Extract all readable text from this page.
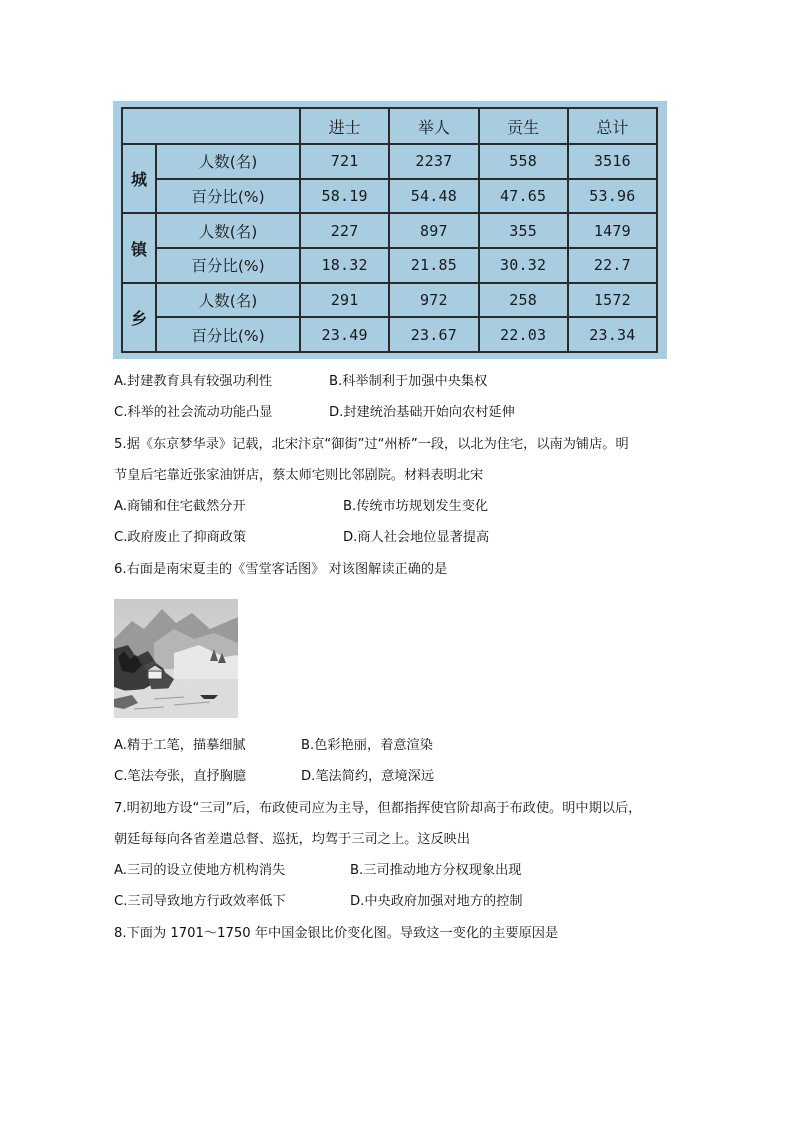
		进士	举人	贡生	总计
城	人数(名)	721	2237	558	3516
	百分比(%)	58.19	54.48	47.65	53.96
镇	人数(名)	227	897	355	1479
	百分比(%)	18.32	21.85	30.32	22.7
乡	人数(名)	291	972	258	1572
	百分比(%)	23.49	23.67	22.03	23.34
A.封建教育具有较强功利性	B.科举制利于加强中央集权
C.科举的社会流动功能凸显	D.封建统治基础开始向农村延伸
5.据《东京梦华录》记载，北宋汴京“御街”过“州桥”一段，以北为住宅，以南为铺店。明
节皇后宅靠近张家油饼店，蔡太师宅则比邻剧院。材料表明北宋
A.商铺和住宅截然分开	B.传统市坊规划发生变化
C.政府废止了抑商政策	D.商人社会地位显著提高
6.右面是南宋夏圭的《雪堂客话图》 对该图解读正确的是
A.精于工笔，描摹细腻	B.色彩艳丽，着意渲染
C.笔法夸张，直抒胸臆	D.笔法简约，意境深远
7.明初地方设“三司”后，布政使司应为主导，但都指挥使官阶却高于布政使。明中期以后，
朝廷每每向各省差遣总督、巡抚，均驾于三司之上。这反映出
A.三司的设立使地方机构消失	B.三司推动地方分权现象出现
C.三司导致地方行政效率低下	D.中央政府加强对地方的控制
8.下面为 1701～1750 年中国金银比价变化图。导致这一变化的主要原因是
